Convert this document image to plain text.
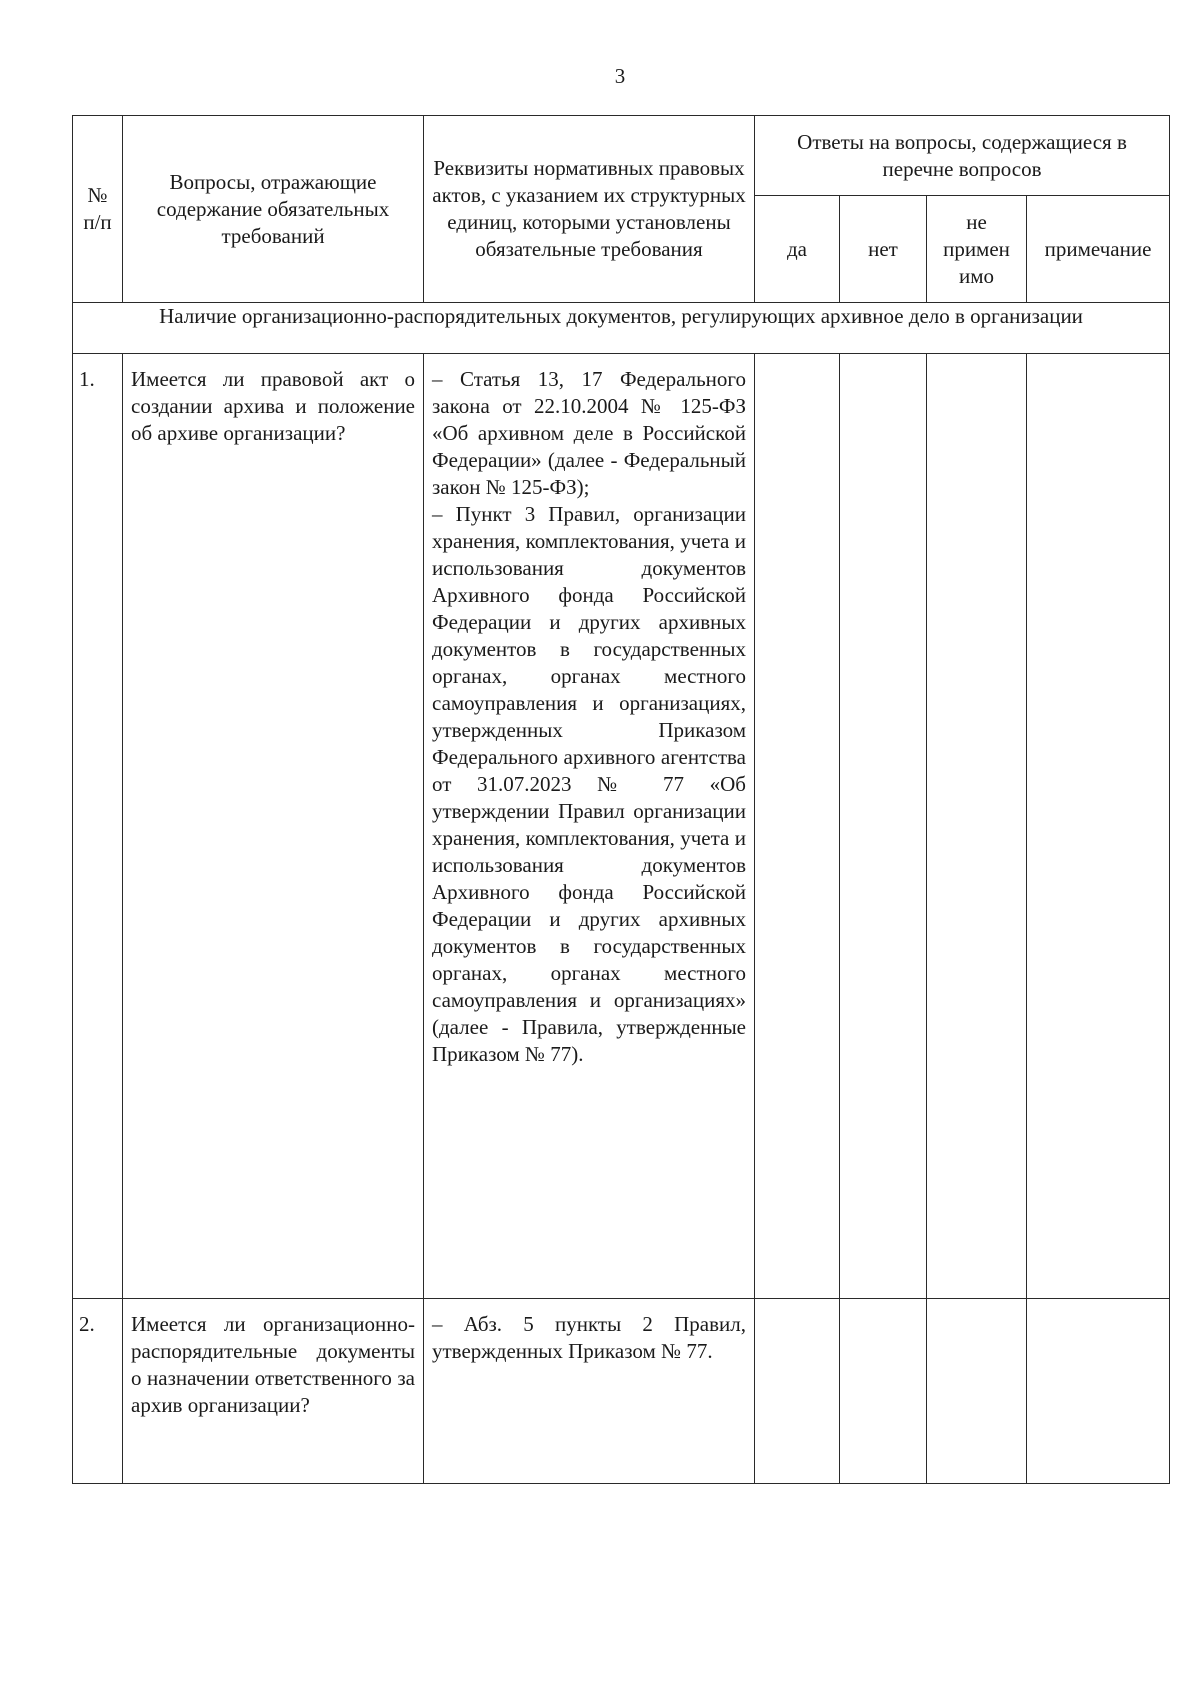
3
№ п/п	Вопросы, отражающие содержание обязательных требований	Реквизиты нормативных правовых актов, с указанием их структурных единиц, которыми установлены обязательные требования	Ответы на вопросы, содержащиеся в перечне вопросов			

			да	нет	не примен имо	примечание

Наличие организационно-распорядительных документов, регулирующих архивное дело в организации						
1.	Имеется ли правовой акт о создании архива и положение об архиве организации?	– Статья 13, 17 Федерального закона от 22.10.2004 № 125-ФЗ «Об архивном деле в Российской Федерации» (далее - Федеральный закон № 125-ФЗ);
– Пункт 3 Правил, организации хранения, комплектования, учета и использования документов Архивного фонда Российской Федерации и других архивных документов в государственных органах, органах местного самоуправления и организациях, утвержденных Приказом Федерального архивного агентства от 31.07.2023 № 77 «Об утверждении Правил организации хранения, комплектования, учета и использования документов Архивного фонда Российской Федерации и других архивных документов в государственных органах, органах местного самоуправления и организациях» (далее - Правила, утвержденные Приказом № 77).				

2.	Имеется ли организационно-распорядительные документы о назначении ответственного за архив организации?	– Абз. 5 пункты 2 Правил, утвержденных Приказом № 77.				
